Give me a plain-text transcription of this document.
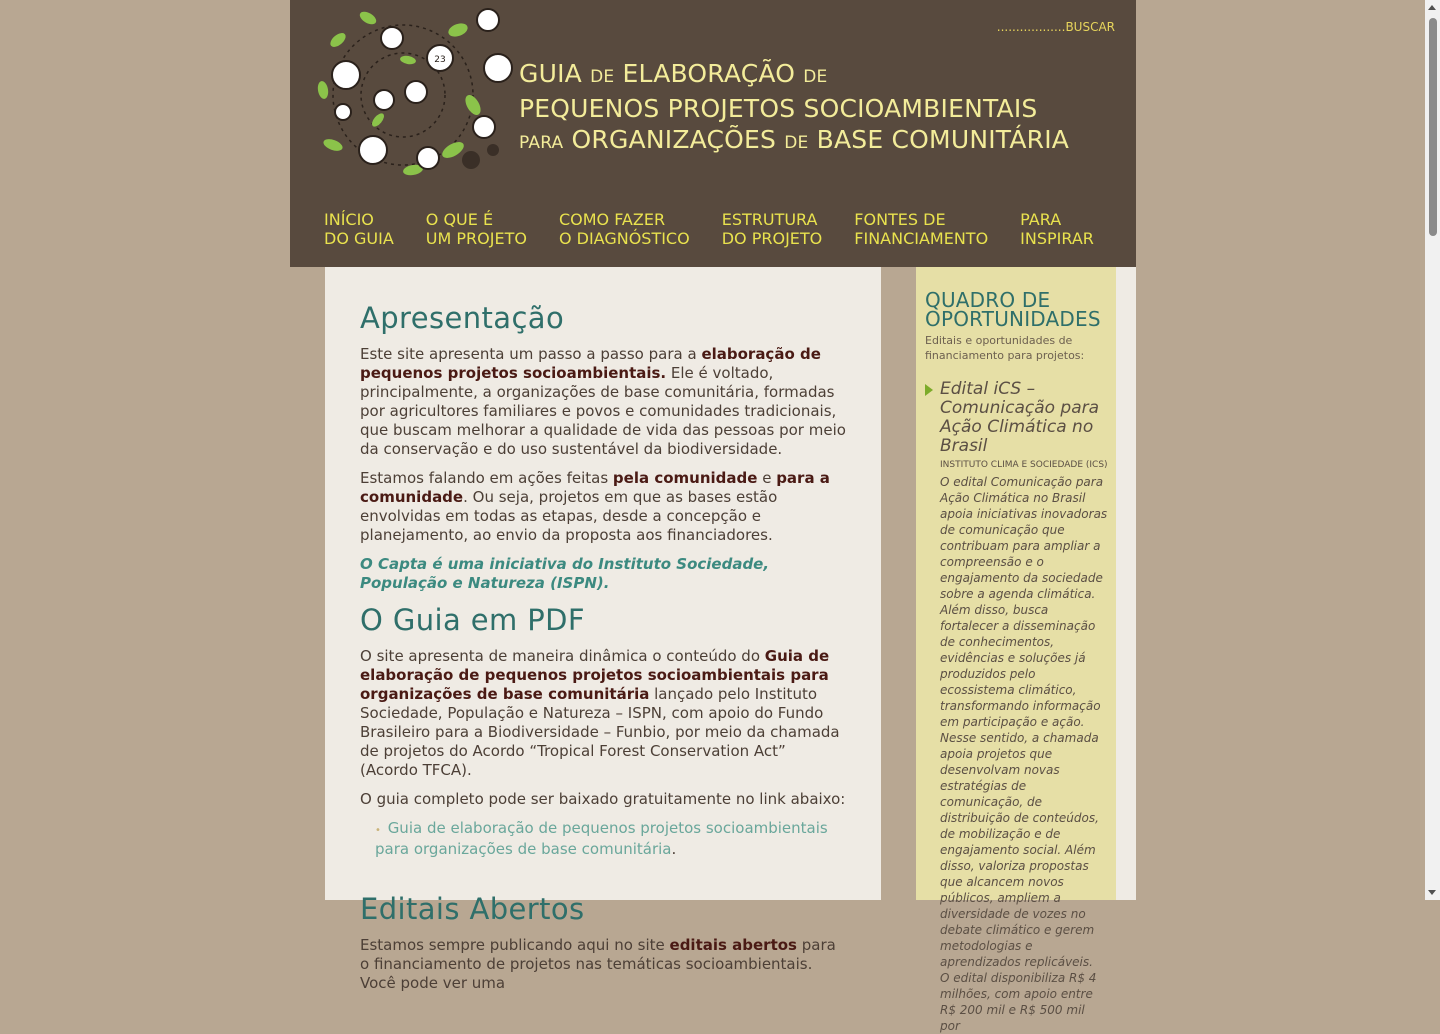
23	GUIA DE ELABORAÇÃO DE
PEQUENOS PROJETOS SOCIOAMBIENTAIS
PARA ORGANIZAÇÕES DE BASE COMUNITÁRIA
..................BUSCAR
INÍCIO
DO GUIA
O QUE É
UM PROJETO
COMO FAZER
O DIAGNÓSTICO
ESTRUTURA
DO PROJETO
FONTES DE
FINANCIAMENTO
PARA
INSPIRAR
Apresentação

Este site apresenta um passo a passo para a elaboração de pequenos projetos socioambientais. Ele é voltado, principalmente, a organizações de base comunitária, formadas por agricultores familiares e povos e comunidades tradicionais, que buscam melhorar a qualidade de vida das pessoas por meio da conservação e do uso sustentável da biodiversidade.

Estamos falando em ações feitas pela comunidade e para a comunidade. Ou seja, projetos em que as bases estão envolvidas em todas as etapas, desde a concepção e planejamento, ao envio da proposta aos financiadores.

O Capta é uma iniciativa do Instituto Sociedade, População e Natureza (ISPN).

O Guia em PDF

O site apresenta de maneira dinâmica o conteúdo do Guia de elaboração de pequenos projetos socioambientais para organizações de base comunitária lançado pelo Instituto Sociedade, População e Natureza – ISPN, com apoio do Fundo Brasileiro para a Biodiversidade – Funbio, por meio da chamada de projetos do Acordo “Tropical Forest Conservation Act” (Acordo TFCA).

O guia completo pode ser baixado gratuitamente no link abaixo:

• Guia de elaboração de pequenos projetos socioambientais para organizações de base comunitária.
Editais Abertos

Estamos sempre publicando aqui no site editais abertos para o financiamento de projetos nas temáticas socioambientais. Você pode ver uma

QUADRO DE OPORTUNIDADES
Editais e oportunidades de financiamento para projetos:
Edital iCS – Comunicação para Ação Climática no Brasil
INSTITUTO CLIMA E SOCIEDADE (ICS)

O edital Comunicação para Ação Climática no Brasil apoia iniciativas inovadoras de comunicação que contribuam para ampliar a compreensão e o engajamento da sociedade sobre a agenda climática. Além disso, busca fortalecer a disseminação de conhecimentos, evidências e soluções já produzidos pelo ecossistema climático, transformando informação em participação e ação.

Nesse sentido, a chamada apoia projetos que desenvolvam novas estratégias de comunicação, de distribuição de conteúdos, de mobilização e de engajamento social. Além disso, valoriza propostas que alcancem novos públicos, ampliem a diversidade de vozes no debate climático e gerem metodologias e aprendizados replicáveis.

O edital disponibiliza R$ 4 milhões, com apoio entre R$ 200 mil e R$ 500 mil por
